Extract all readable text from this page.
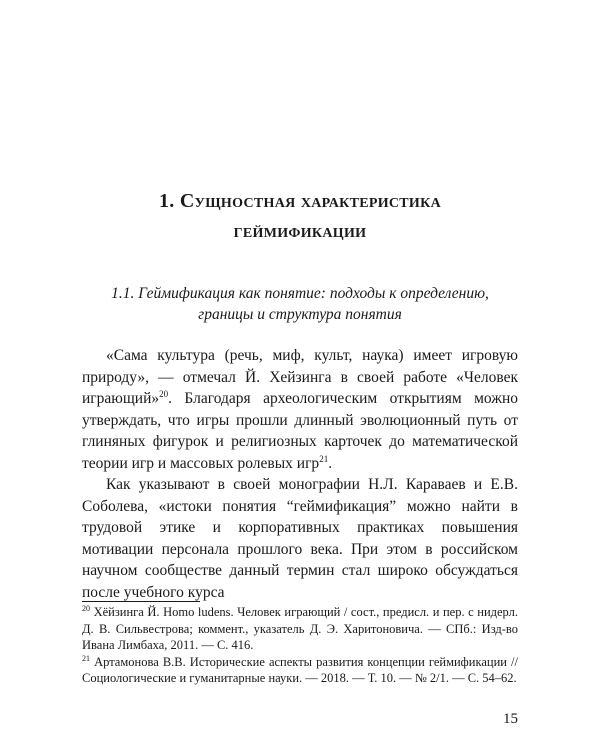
1. Сущностная характеристика
геймификации
1.1. Геймификация как понятие: подходы к определению,
границы и структура понятия

«Сама культура (речь, миф, культ, наука) имеет игровую природу», — отмечал Й. Хейзинга в своей работе «Человек играющий»$^{20}$. Благодаря археологическим открытиям можно утверждать, что игры прошли длинный эволюционный путь от глиняных фигурок и религиозных карточек до математической теории игр и массовых ролевых игр$^{21}$.

Как указывают в своей монографии Н.Л. Караваев и Е.В. Соболева, «истоки понятия “геймификация” можно найти в трудовой этике и корпоративных практиках повышения мотивации персонала прошлого века. При этом в российском научном сообществе данный термин стал широко обсуждаться после учебного курса

$^{20}$ Хёйзинга Й. Homo ludens. Человек играющий / сост., предисл. и пер. с нидерл. Д. В. Сильвестрова; коммент., указатель Д. Э. Харитоновича. — СПб.: Изд-во Ивана Лимбаха, 2011. — С. 416.

$^{21}$ Артамонова В.В. Исторические аспекты развития концепции геймификации // Социологические и гуманитарные науки. — 2018. — Т. 10. — № 2/1. — С. 54–62.

15
